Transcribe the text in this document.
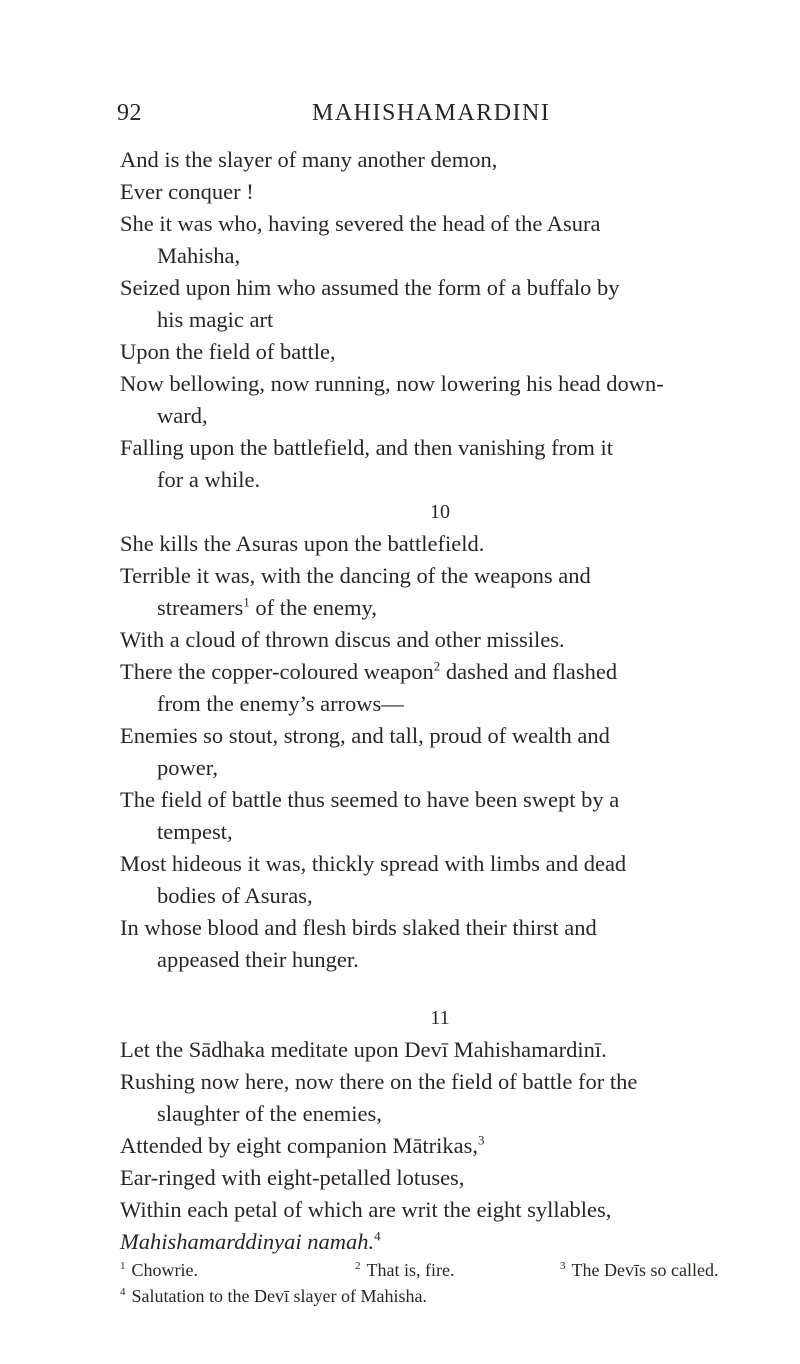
92	MAHISHAMARDINI
And is the slayer of many another demon,
Ever conquer !
She it was who, having severed the head of the Asura
Mahisha,
Seized upon him who assumed the form of a buffalo by
his magic art
Upon the field of battle,
Now bellowing, now running, now lowering his head down-
ward,
Falling upon the battlefield, and then vanishing from it
for a while.
10
She kills the Asuras upon the battlefield.
Terrible it was, with the dancing of the weapons and
streamers$^1$ of the enemy,
With a cloud of thrown discus and other missiles.
There the copper-coloured weapon$^2$ dashed and flashed
from the enemy’s arrows—
Enemies so stout, strong, and tall, proud of wealth and
power,
The field of battle thus seemed to have been swept by a
tempest,
Most hideous it was, thickly spread with limbs and dead
bodies of Asuras,
In whose blood and flesh birds slaked their thirst and
appeased their hunger.
11
Let the Sādhaka meditate upon Devī Mahishamardinī.
Rushing now here, now there on the field of battle for the
slaughter of the enemies,
Attended by eight companion Mātrikas,$^3$
Ear-ringed with eight-petalled lotuses,
Within each petal of which are writ the eight syllables,
Mahishamarddinyai namah.$^4$
$^1$ Chowrie.	$^2$ That is, fire.	$^3$ The Devīs so called.
$^4$ Salutation to the Devī slayer of Mahisha.
